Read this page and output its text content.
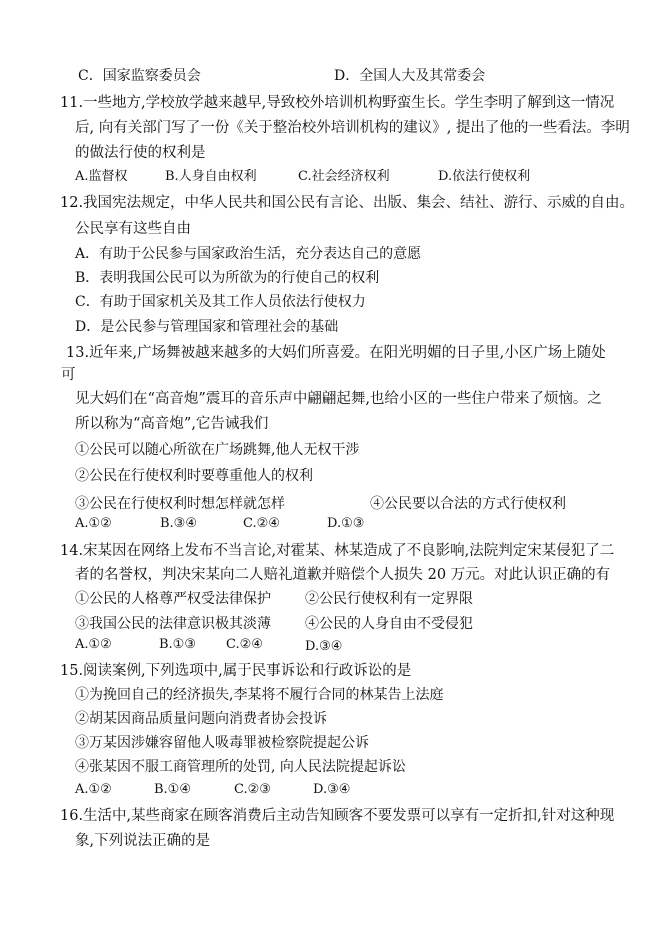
C．国家监察委员会	D．全国人大及其常委会
11.一些地方,学校放学越来越早,导致校外培训机构野蛮生长。学生李明了解到这一情况
后, 向有关部门写了一份《关于整治校外培训机构的建议》, 提出了他的一些看法。李明
的做法行使的权利是
A.监督权	B.人身自由权利	C.社会经济权利	D.依法行使权利
12.我国宪法规定，中华人民共和国公民有言论、出版、集会、结社、游行、示威的自由。
公民享有这些自由
A．有助于公民参与国家政治生活，充分表达自己的意愿
B．表明我国公民可以为所欲为的行使自己的权利
C．有助于国家机关及其工作人员依法行使权力
D．是公民参与管理国家和管理社会的基础
13.近年来,广场舞被越来越多的大妈们所喜爱。在阳光明媚的日子里,小区广场上随处
可
见大妈们在“高音炮”震耳的音乐声中翩翩起舞,也给小区的一些住户带来了烦恼。之
所以称为“高音炮”,它告诫我们
①公民可以随心所欲在广场跳舞,他人无权干涉
②公民在行使权利时要尊重他人的权利
③公民在行使权利时想怎样就怎样	④公民要以合法的方式行使权利
A.①②	B.③④	C.②④	D.①③
14.宋某因在网络上发布不当言论,对霍某、林某造成了不良影响,法院判定宋某侵犯了二
者的名誉权，判决宋某向二人赔礼道歉并赔偿个人损失 20 万元。对此认识正确的有
①公民的人格尊严权受法律保护 ②公民行使权利有一定界限
③我国公民的法律意识极其淡薄 ④公民的人身自由不受侵犯
A.①②	B.①③ C.②④	D.③④
15.阅读案例,下列选项中,属于民事诉讼和行政诉讼的是
①为挽回自己的经济损失,李某将不履行合同的林某告上法庭
②胡某因商品质量问题向消费者协会投诉
③万某因涉嫌容留他人吸毒罪被检察院提起公诉
④张某因不服工商管理所的处罚, 向人民法院提起诉讼
A.①②	B.①④	C.②③	D.③④
16.生活中,某些商家在顾客消费后主动告知顾客不要发票可以享有一定折扣,针对这种现
象,下列说法正确的是
